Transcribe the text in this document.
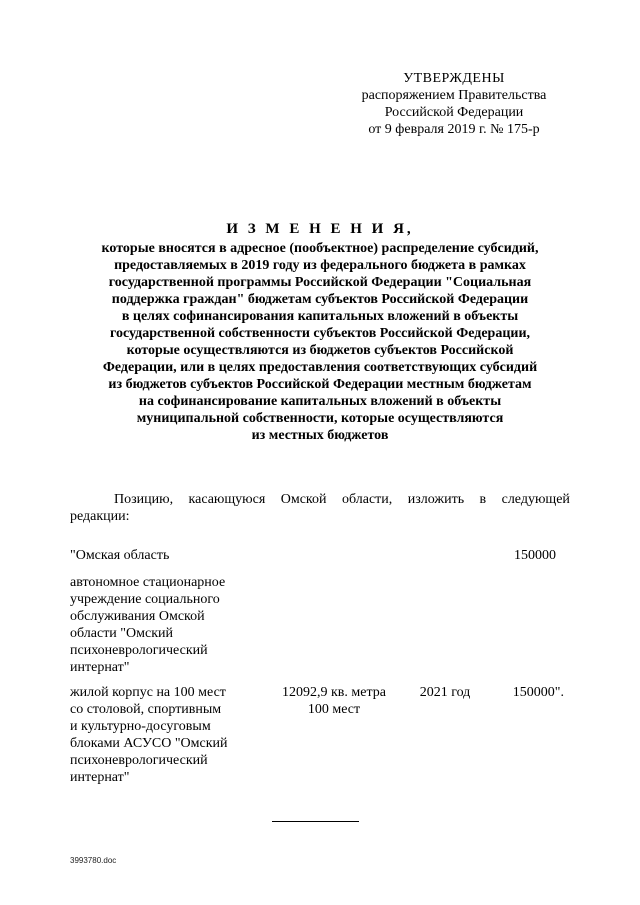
УТВЕРЖДЕНЫ
распоряжением Правительства
Российской Федерации
от 9 февраля 2019 г. № 175-р
И З М Е Н Е Н И Я,
которые вносятся в адресное (пообъектное) распределение субсидий,
предоставляемых в 2019 году из федерального бюджета в рамках
государственной программы Российской Федерации "Социальная
поддержка граждан" бюджетам субъектов Российской Федерации
в целях софинансирования капитальных вложений в объекты
государственной собственности субъектов Российской Федерации,
которые осуществляются из бюджетов субъектов Российской
Федерации, или в целях предоставления соответствующих субсидий
из бюджетов субъектов Российской Федерации местным бюджетам
на софинансирование капитальных вложений в объекты
муниципальной собственности, которые осуществляются
из местных бюджетов
Позицию, касающуюся Омской области, изложить в следующей
редакции:
"Омская область	150000
автономное стационарное
учреждение социального
обслуживания Омской
области "Омский
психоневрологический
интернат"
жилой корпус на 100 мест
со столовой, спортивным
и культурно-досуговым
блоками АСУСО "Омский
психоневрологический
интернат"
12092,9 кв. метра
100 мест
2021 год	150000".
3993780.doc
